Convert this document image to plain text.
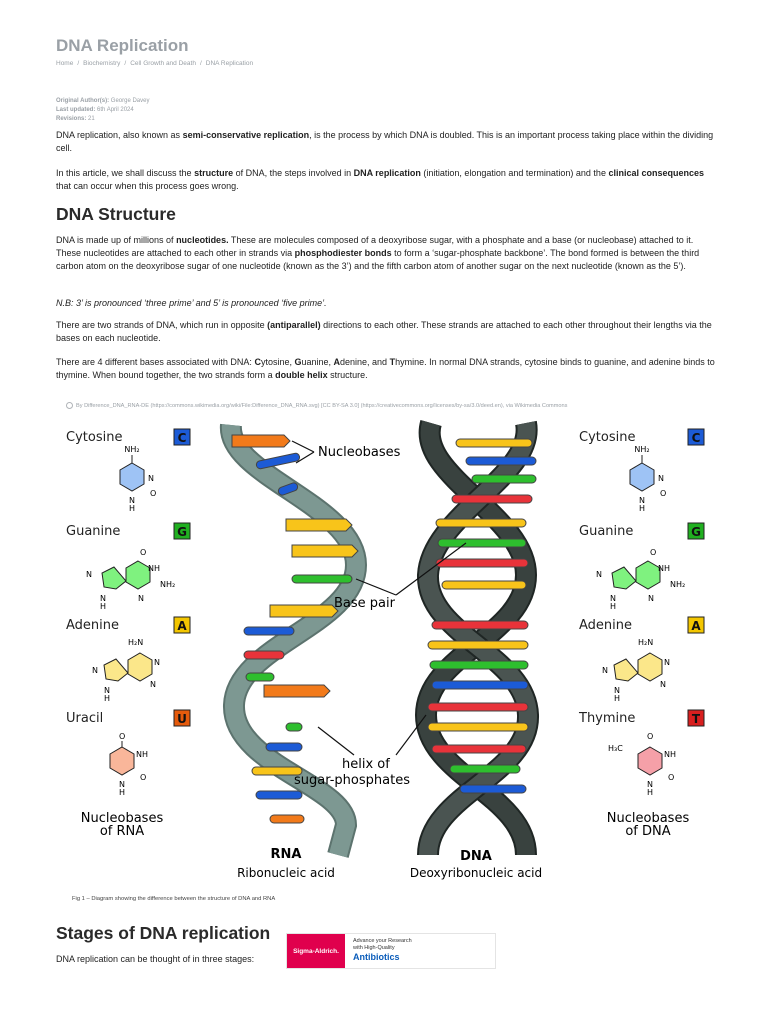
DNA Replication
Home / Biochemistry / Cell Growth and Death / DNA Replication
Original Author(s): George Davey
Last updated: 6th April 2024
Revisions: 21

DNA replication, also known as semi-conservative replication, is the process by which DNA is doubled. This is an important process taking place within the dividing cell.

In this article, we shall discuss the structure of DNA, the steps involved in DNA replication (initiation, elongation and termination) and the clinical consequences that can occur when this process goes wrong.

DNA Structure

DNA is made up of millions of nucleotides. These are molecules composed of a deoxyribose sugar, with a phosphate and a base (or nucleobase) attached to it. These nucleotides are attached to each other in strands via phosphodiester bonds to form a ‘sugar-phosphate backbone’. The bond formed is between the third carbon atom on the deoxyribose sugar of one nucleotide (known as the 3’) and the fifth carbon atom of another sugar on the next nucleotide (known as the 5’).

N.B: 3’ is pronounced ‘three prime’ and 5’ is pronounced ‘five prime’.

There are two strands of DNA, which run in opposite (antiparallel) directions to each other. These strands are attached to each other throughout their lengths via the bases on each nucleotide.

There are 4 different bases associated with DNA: Cytosine, Guanine, Adenine, and Thymine. In normal DNA strands, cytosine binds to guanine, and adenine binds to thymine. When bound together, the two strands form a double helix structure.

By Difference_DNA_RNA-DE (https://commons.wikimedia.org/wiki/File:Difference_DNA_RNA.svg) [CC BY-SA 3.0] (https://creativecommons.org/licenses/by-sa/3.0/deed.en), via Wikimedia Commons
Cytosine	C
NH₂
N
O
N
H
Guanine	G
N
N
H
NH
NH₂
O
N
Adenine	A
H₂N
N
N
N
N
H
Uracil	U
O
NH
O
N
H
Nucleobases
of RNA
Nucleobases
Base pair
helix of
sugar-phosphates
RNA
Ribonucleic acid
DNA
Deoxyribonucleic acid
Cytosine	C
NH₂
N
O
N
H
Guanine	G
N
N
H
NH
NH₂
O
N
Adenine	A
H₂N
N
N
N
N
H
Thymine	T
H₃C
O
NH
O
N
H
Nucleobases
of DNA
Fig 1 – Diagram showing the difference between the structure of DNA and RNA
Stages of DNA replication

DNA replication can be thought of in three stages:

Sigma-Aldrich.
Advance your Research
with High-Quality
Antibiotics
